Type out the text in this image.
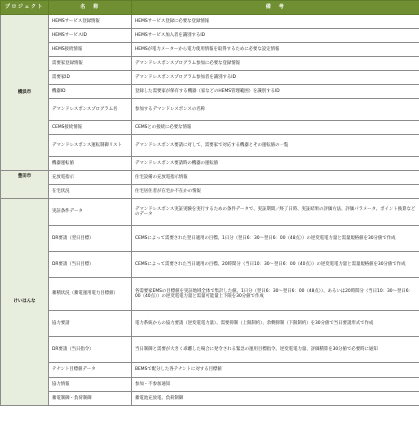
プロジェクト	名　称	備　考
横浜市	HEMSサービス登録情報	HEMSサービス登録に必要な登録情報
	HEMSサービスID	HEMSサービス加入者を識別するID
	HEMS接続情報	HEMSが電力メーターから電力使用情報を取得するために必要な設定情報
	需要家登録情報	デマンドレスポンスプログラム参加に必要な登録情報
	需要家ID	デマンドレスポンスプログラム参加者を識別するID
	機器ID	登録した需要家が保有する機器（家などのHEMS管理範囲）を識別するID
	デマンドレスポンスプログラム名	参加するデマンドレスポンスの名称
	CEMS接続情報	CEMSとの接続に必要な情報
	デマンドレスポンス運転制御リスト	デマンドレスポンス要請に対して、需要家で対応する機器とその運転値の一覧
	機器運転値	デマンドレスポンス要請時の機器の運転値
豊田市	充放電指示	住宅設備の充放電指示情報
	在宅状況	住宅居住者が在宅か不在かの情報
けいはんな	実証条件データ	デマンドレスポンス実証実験を実行するための条件データで、実証期間／終了日時、実証結果の評価方法、評価パラメータ、ポイント換算などのデータ
	DR要請（翌日目標）	CEMSによって需要された翌日適用の目標。1日分（翌日6：30～翌日6：00（48点））の逆変電電力量と需量規格値を30分値で作成
	DR要請（当日目標）	CEMSによって需要された当日適用の目標。20時間分（当日10：30～翌日6：00（40点））の逆変電電力量と需量規格値を30分値で作成
	蓄積状況（蓄電運用電力目標値）	各需要家EMSの目標値を実証地域全体で集計した値。1日分（翌日6：30～翌日6：00（48点））、あるいは20時間分（当日10：30～翌日6：00（40点））の逆変電電力量と需量可能量上下限を30分値で作成
	協力要請	電力系統からの協力要請（逆変電電力量）、需要抑制（上限制約）、余剰抑制（下限制約）を30分値で当日要請形式で作成
	DR要請（当日指令）	当日制御と需要が大きく乖離した場合に発令される緊急の運用目標指令。逆変電電力量、評価積算を30分値で必要時に通知
	テナント目標値データ	BEMSで配分した各テナントに対する目標値
	協力情報	参加・不参加通知
	蓄電制御・負荷制御	蓄電池充放電、負荷制御
